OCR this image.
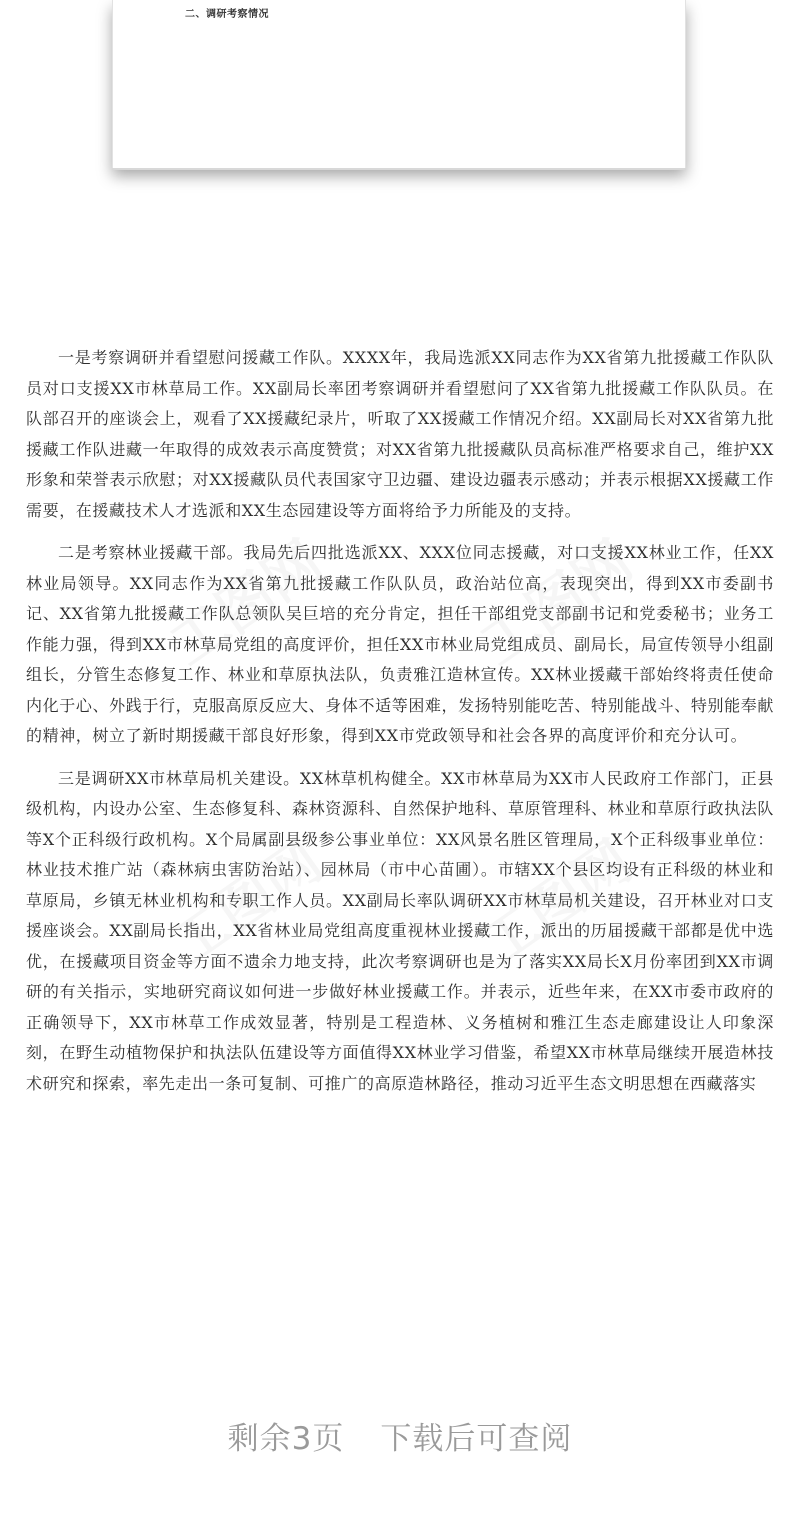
二、调研考察情况

一是考察调研并看望慰问援藏工作队。XXXX年，我局选派XX同志作为XX省第九批援藏工作队队员对口支援XX市林草局工作。XX副局长率团考察调研并看望慰问了XX省第九批援藏工作队队员。在队部召开的座谈会上，观看了XX援藏纪录片，听取了XX援藏工作情况介绍。XX副局长对XX省第九批援藏工作队进藏一年取得的成效表示高度赞赏；对XX省第九批援藏队员高标准严格要求自己，维护XX形象和荣誉表示欣慰；对XX援藏队员代表国家守卫边疆、建设边疆表示感动；并表示根据XX援藏工作需要，在援藏技术人才选派和XX生态园建设等方面将给予力所能及的支持。

二是考察林业援藏干部。我局先后四批选派XX、XXX位同志援藏，对口支援XX林业工作，任XX林业局领导。XX同志作为XX省第九批援藏工作队队员，政治站位高，表现突出，得到XX市委副书记、XX省第九批援藏工作队总领队吴巨培的充分肯定，担任干部组党支部副书记和党委秘书；业务工作能力强，得到XX市林草局党组的高度评价，担任XX市林业局党组成员、副局长，局宣传领导小组副组长，分管生态修复工作、林业和草原执法队，负责雅江造林宣传。XX林业援藏干部始终将责任使命内化于心、外践于行，克服高原反应大、身体不适等困难，发扬特别能吃苦、特别能战斗、特别能奉献的精神，树立了新时期援藏干部良好形象，得到XX市党政领导和社会各界的高度评价和充分认可。

三是调研XX市林草局机关建设。XX林草机构健全。XX市林草局为XX市人民政府工作部门，正县级机构，内设办公室、生态修复科、森林资源科、自然保护地科、草原管理科、林业和草原行政执法队等X个正科级行政机构。X个局属副县级参公事业单位：XX风景名胜区管理局，X个正科级事业单位：林业技术推广站（森林病虫害防治站）、园林局（市中心苗圃）。市辖XX个县区均设有正科级的林业和草原局，乡镇无林业机构和专职工作人员。XX副局长率队调研XX市林草局机关建设，召开林业对口支援座谈会。XX副局长指出，XX省林业局党组高度重视林业援藏工作，派出的历届援藏干部都是优中选优，在援藏项目资金等方面不遗余力地支持，此次考察调研也是为了落实XX局长X月份率团到XX市调研的有关指示，实地研究商议如何进一步做好林业援藏工作。并表示，近些年来，在XX市委市政府的正确领导下，XX市林草工作成效显著，特别是工程造林、义务植树和雅江生态走廊建设让人印象深刻，在野生动植物保护和执法队伍建设等方面值得XX林业学习借鉴，希望XX市林草局继续开展造林技术研究和探索，率先走出一条可复制、可推广的高原造林路径，推动习近平生态文明思想在西藏落实

剩余3页 下载后可查阅
